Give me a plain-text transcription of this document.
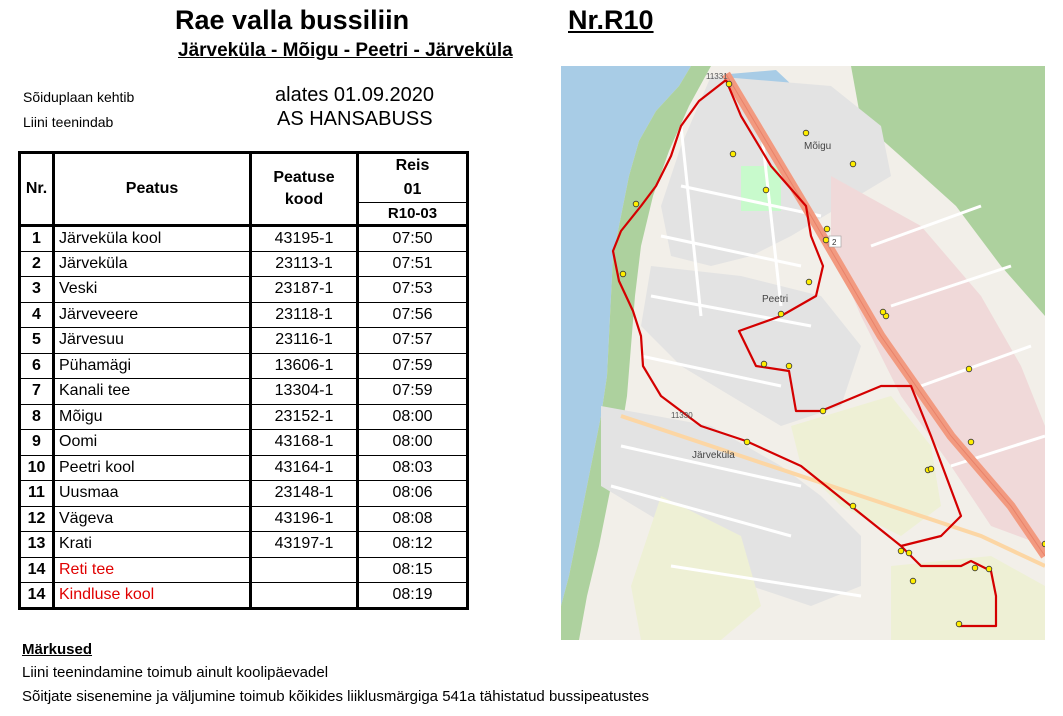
Rae valla bussiliin	Nr.R10
Järveküla - Mõigu - Peetri - Järveküla
Sõiduplaan kehtib	alates 01.09.2020
Liini teenindab	AS HANSABUSS
Nr.	Peatus	Peatuse kood	Reis
			01
			R10-03
1	Järveküla kool	43195-1	07:50
2	Järveküla	23113-1	07:51
3	Veski	23187-1	07:53
4	Järveveere	23118-1	07:56
5	Järvesuu	23116-1	07:57
6	Pühamägi	13606-1	07:59
7	Kanali tee	13304-1	07:59
8	Mõigu	23152-1	08:00
9	Oomi	43168-1	08:00
10	Peetri kool	43164-1	08:03
11	Uusmaa	23148-1	08:06
12	Vägeva	43196-1	08:08
13	Krati	43197-1	08:12
14	Reti tee		08:15
14	Kindluse kool		08:19
Mõigu
Peetri
Järveküla
11330
11331
2
Märkused
Liini teenindamine toimub ainult koolipäevadel
Sõitjate sisenemine ja väljumine toimub kõikides liiklusmärgiga 541a tähistatud bussipeatustes
